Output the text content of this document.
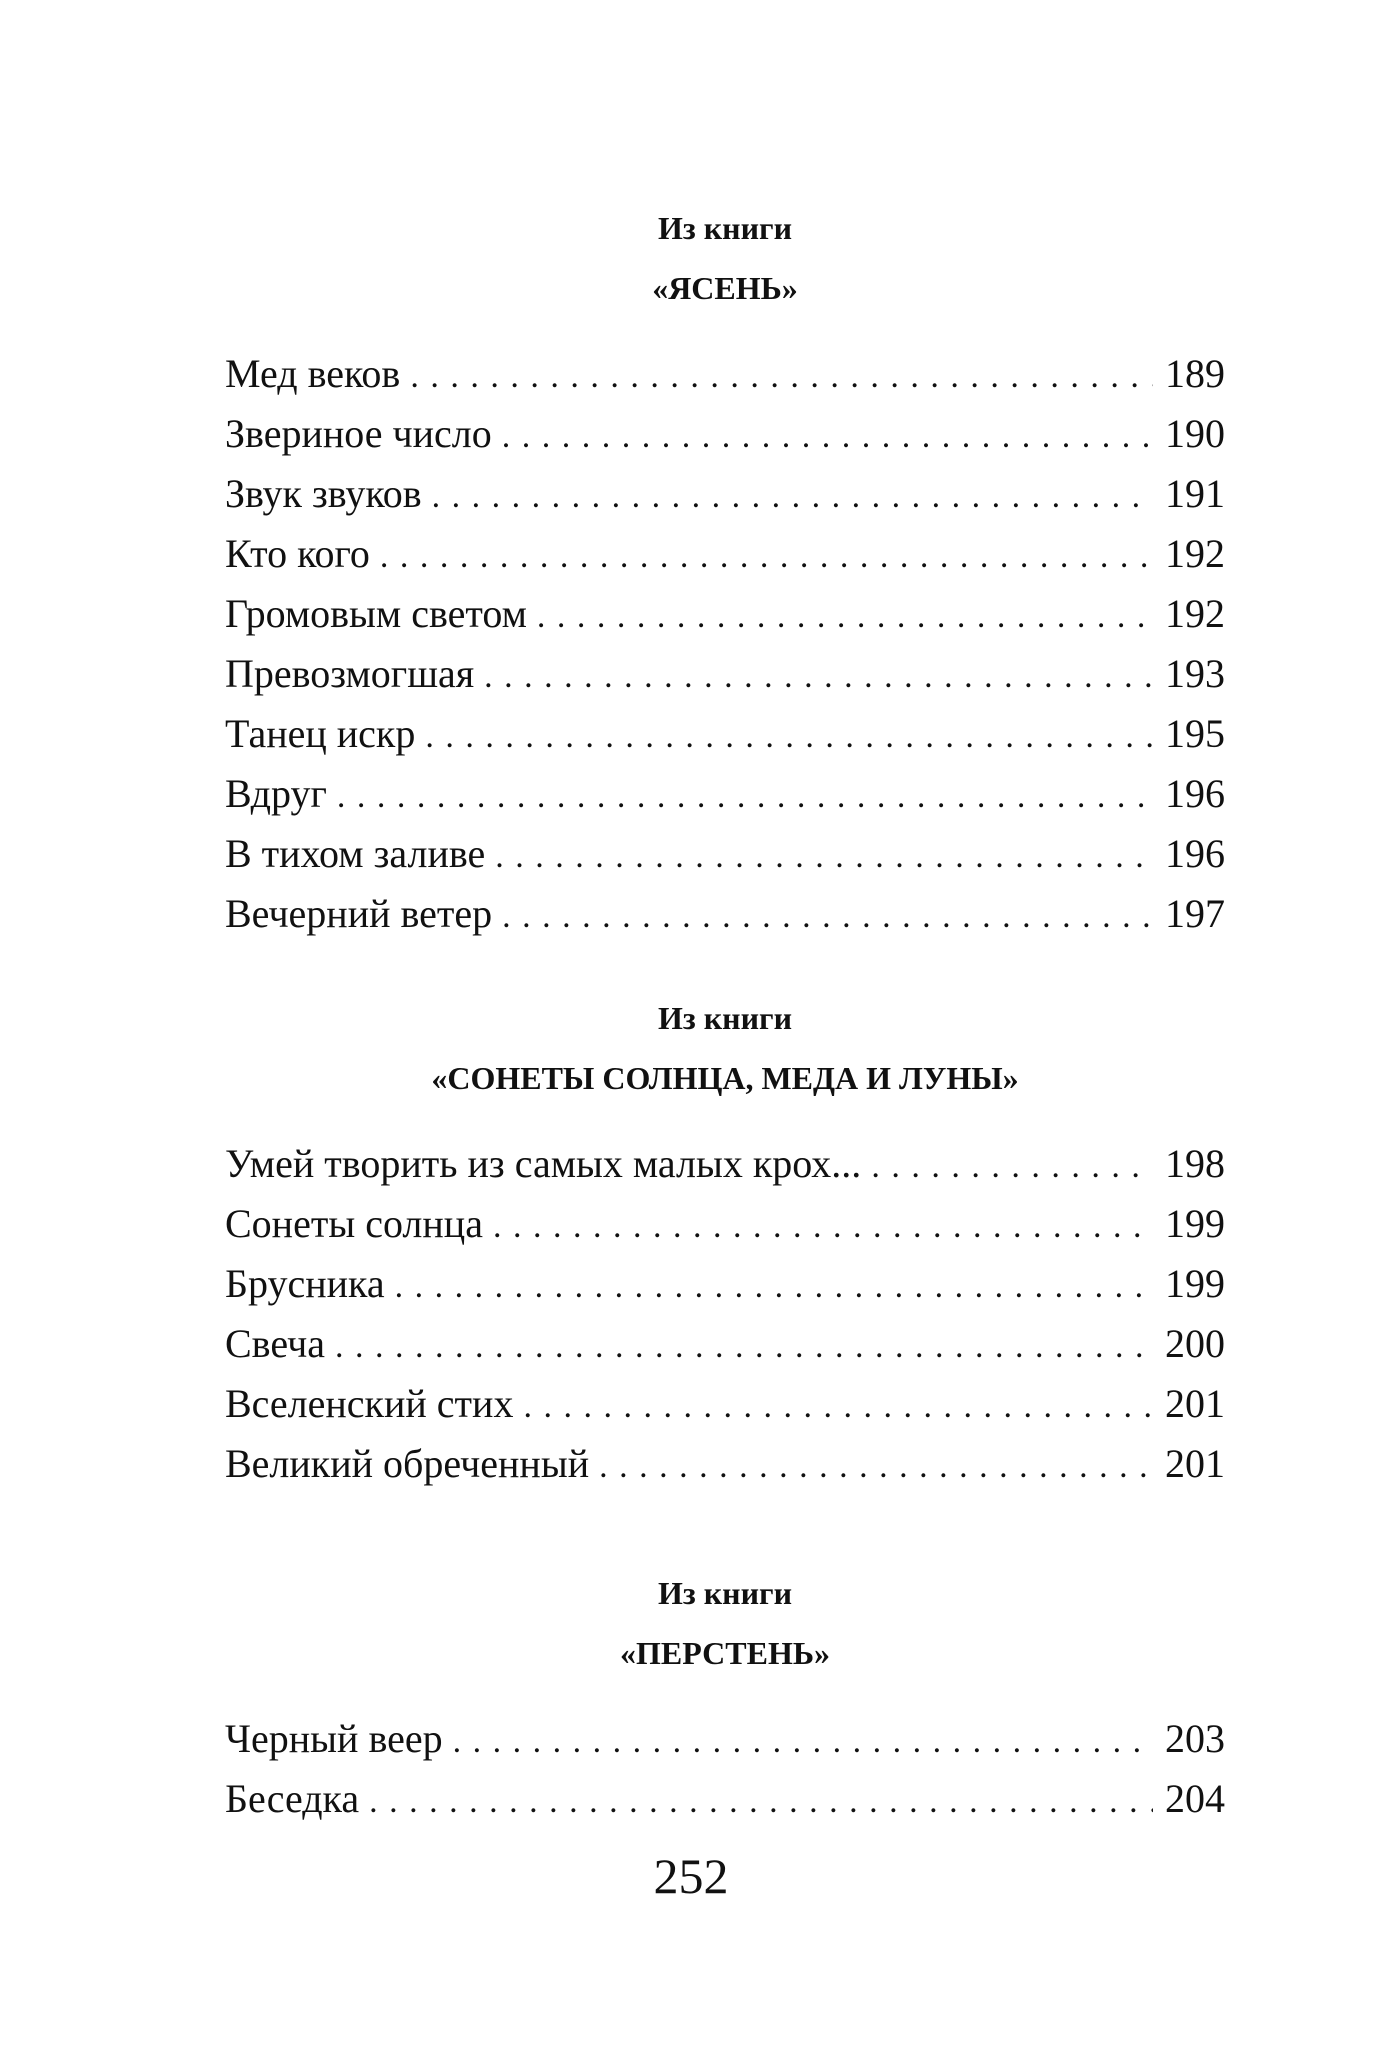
Из книги

«ЯСЕНЬ»

Мед веков . . .	189
Звериное число . . .	190
Звук звуков . . .	191
Кто кого . . .	192
Громовым светом . . .	192
Превозмогшая . . .	193
Танец искр . . .	195
Вдруг . . .	196
В тихом заливе . . .	196
Вечерний ветер . . .	197

Из книги

«СОНЕТЫ СОЛНЦА, МЕДА И ЛУНЫ»

Умей творить из самых малых крох... . . .	198
Сонеты солнца . . .	199
Брусника . . .	199
Свеча . . .	200
Вселенский стих . . .	201
Великий обреченный . . .	201

Из книги

«ПЕРСТЕНЬ»

Черный веер . . .	203
Беседка . . .	204
252
